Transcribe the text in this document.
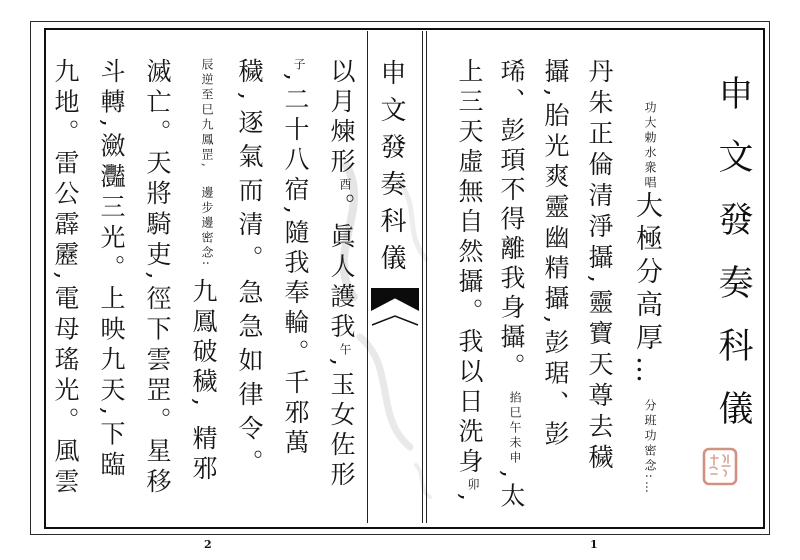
申文發奏科儀	申文發奏科儀
功大勅水衆唱大極分高厚…分班功密念:…
丹朱正倫清淨攝,靈寶天尊去穢
攝,胎光爽靈幽精攝,彭琚、彭
琋、彭頊不得離我身攝。掐巳午未申,太
上三天虛無自然攝。我以日洗身卯,
以月煉形酉。眞人護我午,玉女佐形
子,二十八宿,隨我奉輪。千邪萬
穢,逐氣而清。急急如律令。
辰逆至巳九鳳罡,邊步邊密念:九鳳破穢,精邪
滅亡。天將騎吏,徑下雲罡。星移
斗轉,瀲灩三光。上映九天,下臨
九地。雷公霹靂,電母瑤光。風雲
2	1
